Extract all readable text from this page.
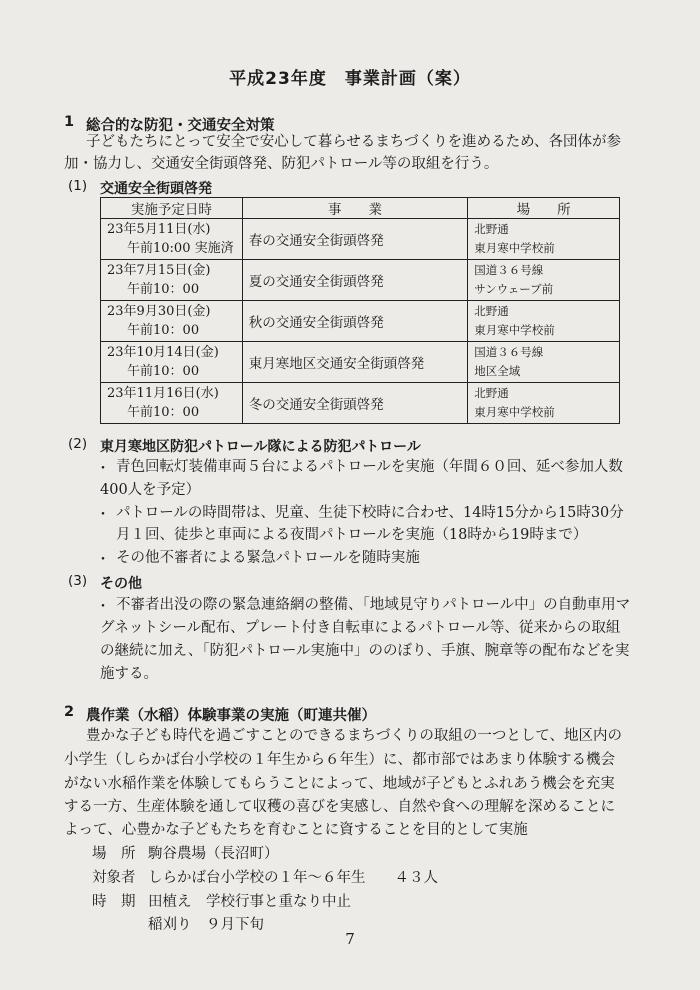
平成23年度　事業計画（案）
1 総合的な防犯・交通安全対策
子どもたちにとって安全で安心して暮らせるまちづくりを進めるため、各団体が参
加・協力し、交通安全街頭啓発、防犯パトロール等の取組を行う。
(1) 交通安全街頭啓発
実施予定日時	事　　業	場　　所

23年5月11日(水)
午前10:00 実施済	春の交通安全街頭啓発	北野通
東月寒中学校前

23年7月15日(金)
午前10：00	夏の交通安全街頭啓発	国道３６号線
サンウェーブ前

23年9月30日(金)
午前10：00	秋の交通安全街頭啓発	北野通
東月寒中学校前

23年10月14日(金)
午前10：00	東月寒地区交通安全街頭啓発	国道３６号線
地区全域

23年11月16日(水)
午前10：00	冬の交通安全街頭啓発	北野通
東月寒中学校前
(2) 東月寒地区防犯パトロール隊による防犯パトロール
・ 青色回転灯装備車両５台によるパトロールを実施（年間６０回、延べ参加人数
400人を予定）
・ パトロールの時間帯は、児童、生徒下校時に合わせ、14時15分から15時30分
月１回、徒歩と車両による夜間パトロールを実施（18時から19時まで）
・ その他不審者による緊急パトロールを随時実施
(3) その他
・ 不審者出没の際の緊急連絡網の整備、「地域見守りパトロール中」の自動車用マ
グネットシール配布、プレート付き自転車によるパトロール等、従来からの取組
の継続に加え、「防犯パトロール実施中」ののぼり、手旗、腕章等の配布などを実
施する。
2 農作業（水稲）体験事業の実施（町連共催）
豊かな子ども時代を過ごすことのできるまちづくりの取組の一つとして、地区内の
小学生（しらかば台小学校の１年生から６年生）に、都市部ではあまり体験する機会
がない水稲作業を体験してもらうことによって、地域が子どもとふれあう機会を充実
する一方、生産体験を通して収穫の喜びを実感し、自然や食への理解を深めることに
よって、心豊かな子どもたちを育むことに資することを目的として実施
場　所 駒谷農場（長沼町）
対象者 しらかば台小学校の１年～６年生　　４３人
時　期 田植え　学校行事と重なり中止
稲刈り　９月下旬
7
